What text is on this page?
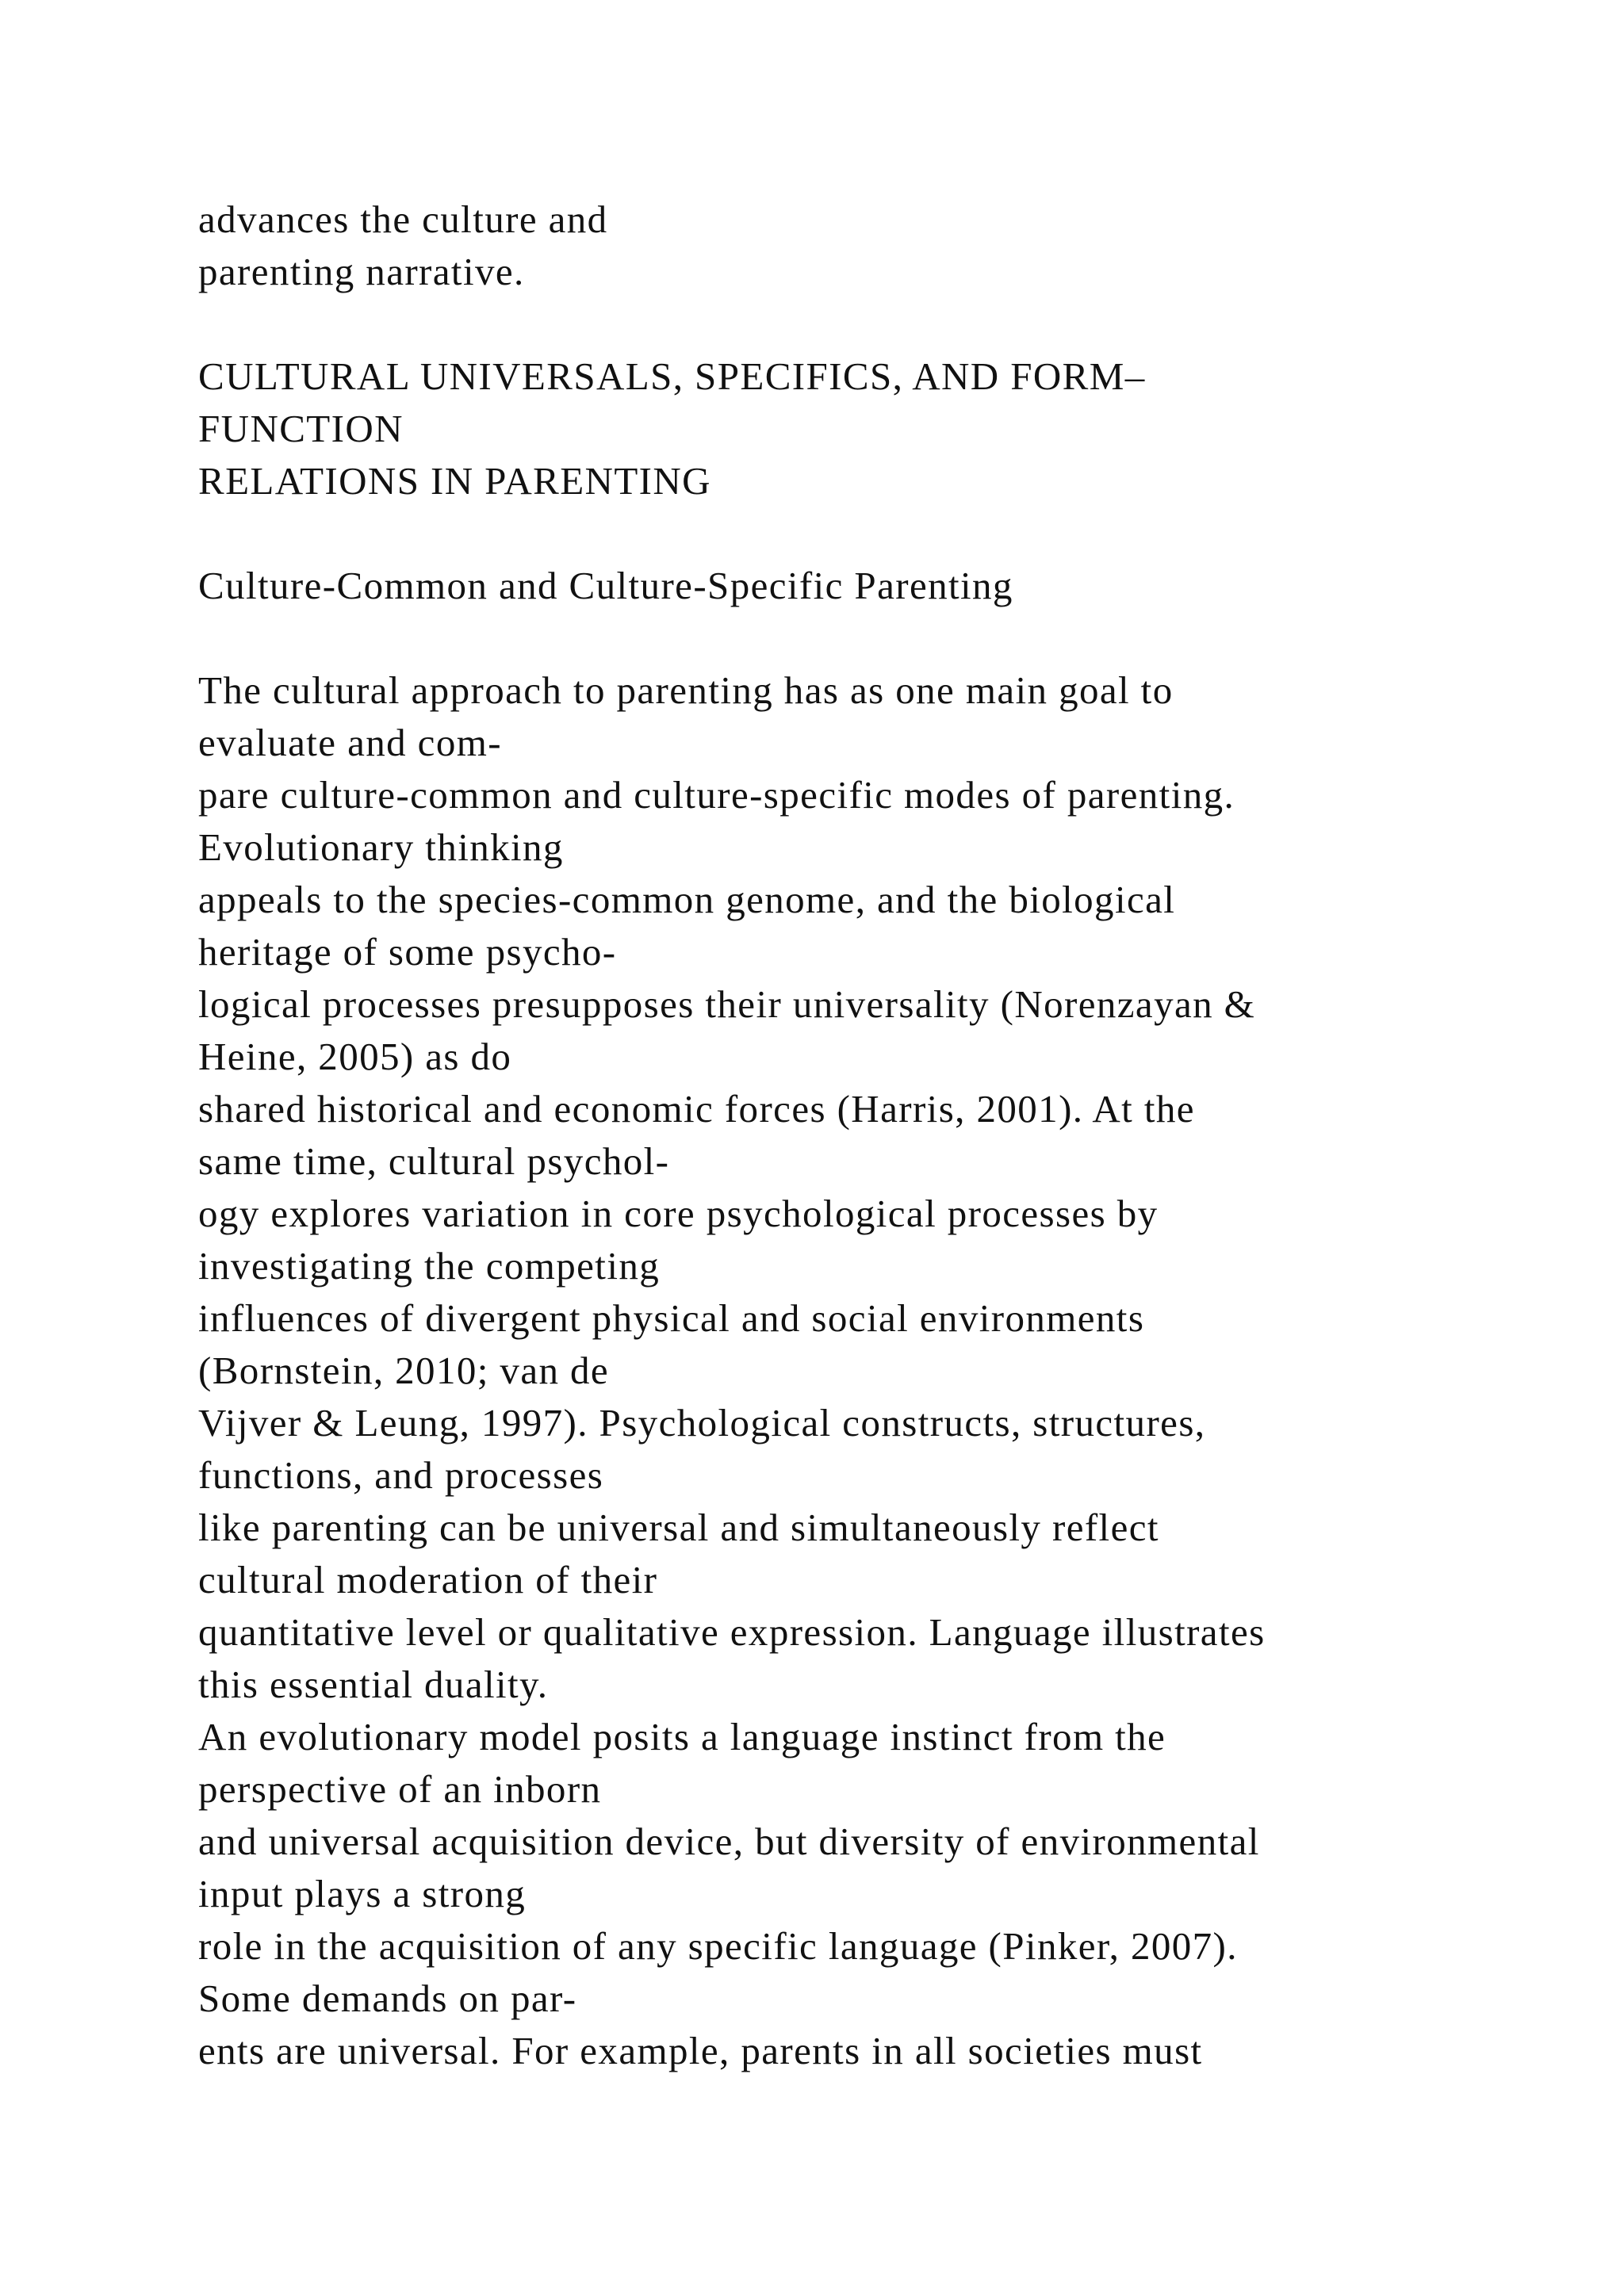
advances the culture and
parenting narrative.
CULTURAL UNIVERSALS, SPECIFICS, AND FORM–
FUNCTION
RELATIONS IN PARENTING
Culture-Common and Culture-Specific Parenting
The cultural approach to parenting has as one main goal to
evaluate and com-
pare culture-common and culture-specific modes of parenting.
Evolutionary thinking
appeals to the species-common genome, and the biological
heritage of some psycho-
logical processes presupposes their universality (Norenzayan &
Heine, 2005) as do
shared historical and economic forces (Harris, 2001). At the
same time, cultural psychol-
ogy explores variation in core psychological processes by
investigating the competing
influences of divergent physical and social environments
(Bornstein, 2010; van de
Vijver & Leung, 1997). Psychological constructs, structures,
functions, and processes
like parenting can be universal and simultaneously reflect
cultural moderation of their
quantitative level or qualitative expression. Language illustrates
this essential duality.
An evolutionary model posits a language instinct from the
perspective of an inborn
and universal acquisition device, but diversity of environmental
input plays a strong
role in the acquisition of any specific language (Pinker, 2007).
Some demands on par-
ents are universal. For example, parents in all societies must
